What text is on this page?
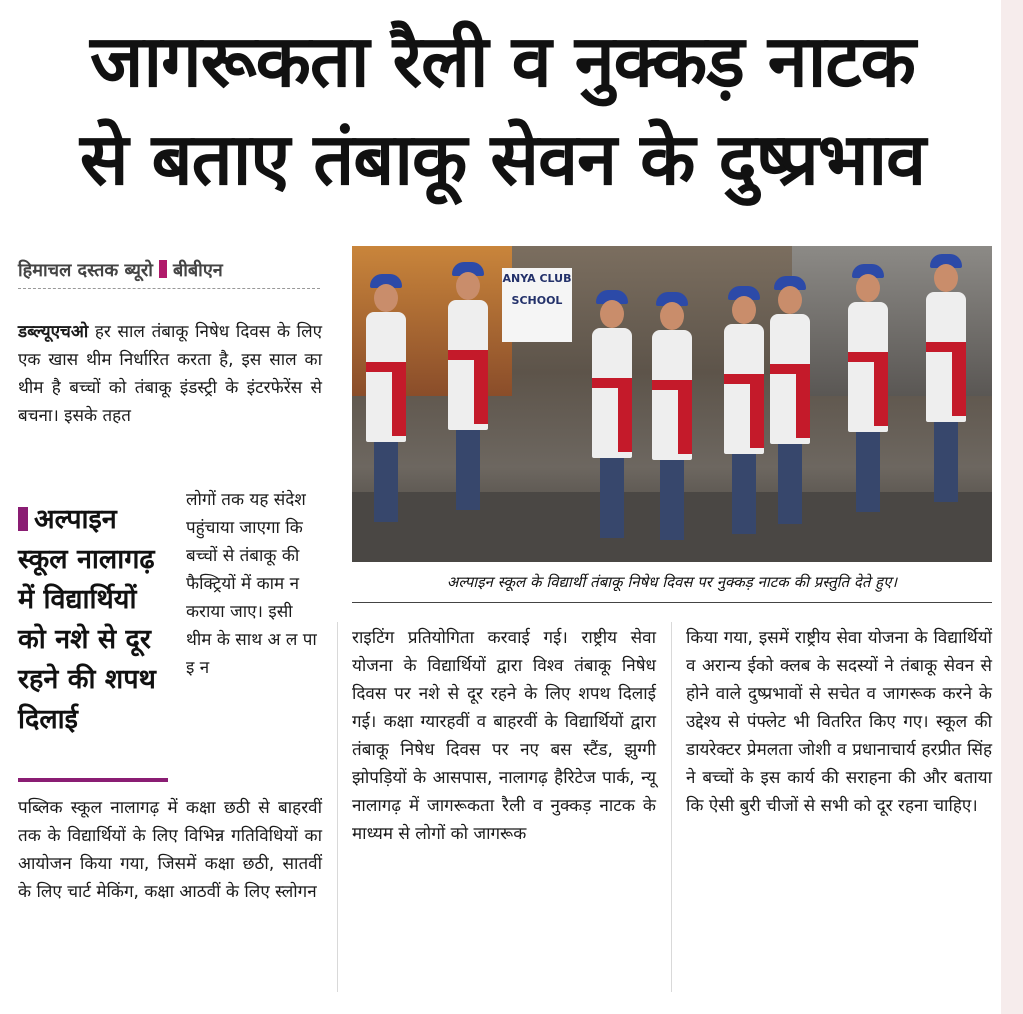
जागरूकता रैली व नुक्कड़ नाटक
से बताए तंबाकू सेवन के दुष्प्रभाव
हिमाचल दस्तक ब्यूरो बीबीएन
डब्ल्यूएचओ हर साल तंबाकू निषेध दिवस के लिए एक खास थीम निर्धारित करता है, इस साल का थीम है बच्चों को तंबाकू इंडस्ट्री के इंटरफेरेंस से बचना। इसके तहत
अल्पाइन स्कूल नालागढ़ में विद्यार्थियों को नशे से दूर रहने की शपथ दिलाई
लोगों तक यह संदेश पहुंचाया जाएगा कि बच्चों से तंबाकू की फैक्ट्रियों में काम न कराया जाए। इसी थीम के साथ अ ल पा इ न
पब्लिक स्कूल नालागढ़ में कक्षा छठी से बाहरवीं तक के विद्यार्थियों के लिए विभिन्न गतिविधियों का आयोजन किया गया, जिसमें कक्षा छठी, सातवीं के लिए चार्ट मेकिंग, कक्षा आठवीं के लिए स्लोगन
ANYA CLUB SCHOOL
अल्पाइन स्कूल के विद्यार्थी तंबाकू निषेध दिवस पर नुक्कड़ नाटक की प्रस्तुति देते हुए।
राइटिंग प्रतियोगिता करवाई गई। राष्ट्रीय सेवा योजना के विद्यार्थियों द्वारा विश्व तंबाकू निषेध दिवस पर नशे से दूर रहने के लिए शपथ दिलाई गई। कक्षा ग्यारहवीं व बाहरवीं के विद्यार्थियों द्वारा तंबाकू निषेध दिवस पर नए बस स्टैंड, झुग्गी झोपड़ियों के आसपास, नालागढ़ हैरिटेज पार्क, न्यू नालागढ़ में जागरूकता रैली व नुक्कड़ नाटक के माध्यम से लोगों को जागरूक
किया गया, इसमें राष्ट्रीय सेवा योजना के विद्यार्थियों व अरान्य ईको क्लब के सदस्यों ने तंबाकू सेवन से होने वाले दुष्प्रभावों से सचेत व जागरूक करने के उद्देश्य से पंफ्लेट भी वितरित किए गए। स्कूल की डायरेक्टर प्रेमलता जोशी व प्रधानाचार्य हरप्रीत सिंह ने बच्चों के इस कार्य की सराहना की और बताया कि ऐसी बुरी चीजों से सभी को दूर रहना चाहिए।
